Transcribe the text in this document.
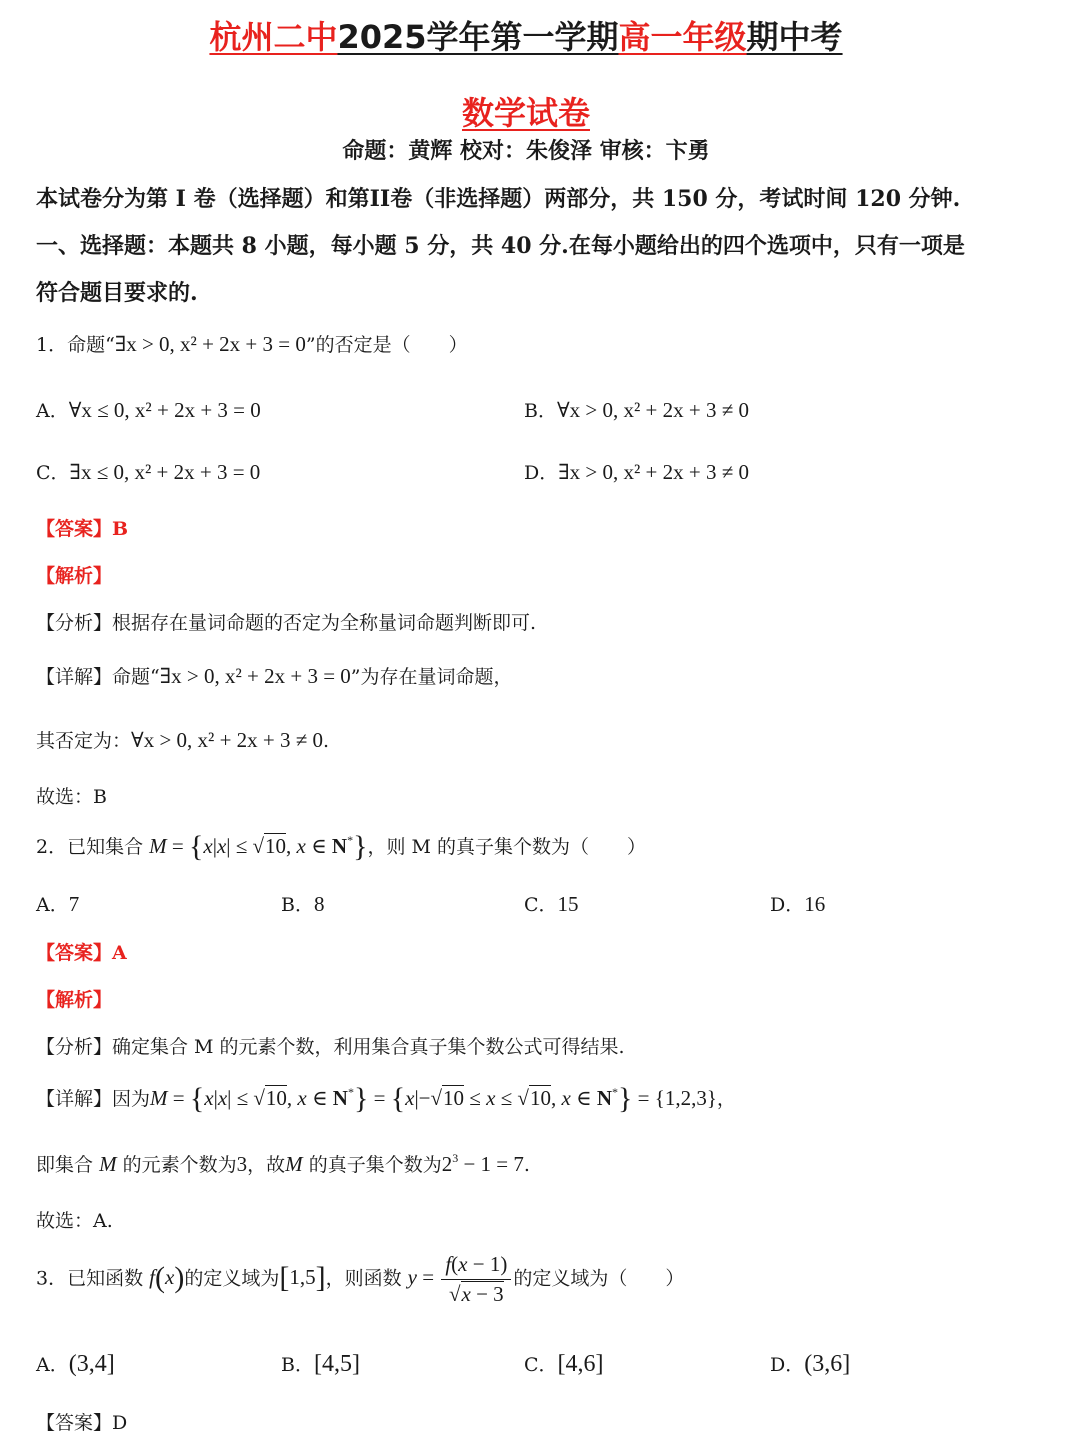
杭州二中2025学年第一学期高一年级期中考
数学试卷
命题：黄辉 校对：朱俊泽 审核：卞勇
本试卷分为第 I 卷（选择题）和第II卷（非选择题）两部分，共 150 分，考试时间 120 分钟.
一、选择题：本题共 8 小题，每小题 5 分，共 40 分.在每小题给出的四个选项中，只有一项是
符合题目要求的.
1．命题“∃x > 0, x² + 2x + 3 = 0”的否定是（　　）
A．∀x ≤ 0, x² + 2x + 3 = 0	B．∀x > 0, x² + 2x + 3 ≠ 0
C．∃x ≤ 0, x² + 2x + 3 = 0	D．∃x > 0, x² + 2x + 3 ≠ 0
【答案】B
【解析】
【分析】根据存在量词命题的否定为全称量词命题判断即可.
【详解】命题“∃x > 0, x² + 2x + 3 = 0”为存在量词命题，
其否定为：∀x > 0, x² + 2x + 3 ≠ 0.
故选：B
2．已知集合 M = {x|x| ≤ √10, x ∈ N*}，则 M 的真子集个数为（　　）
A．7	B．8	C．15	D．16
【答案】A
【解析】
【分析】确定集合 M 的元素个数，利用集合真子集个数公式可得结果.
【详解】因为M = {x|x| ≤ √10, x ∈ N*} = {x|−√10 ≤ x ≤ √10, x ∈ N*} = {1,2,3}，
即集合 M 的元素个数为3，故M 的真子集个数为$2^3 - 1 = 7$.
故选：A.
3．已知函数 f(x)的定义域为[1,5]，则函数 $y = \frac{f(x - 1)}{√x - 3}$ 的定义域为（　　）
A．(3,4]	B．[4,5]	C．[4,6]	D．(3,6]
【答案】D
